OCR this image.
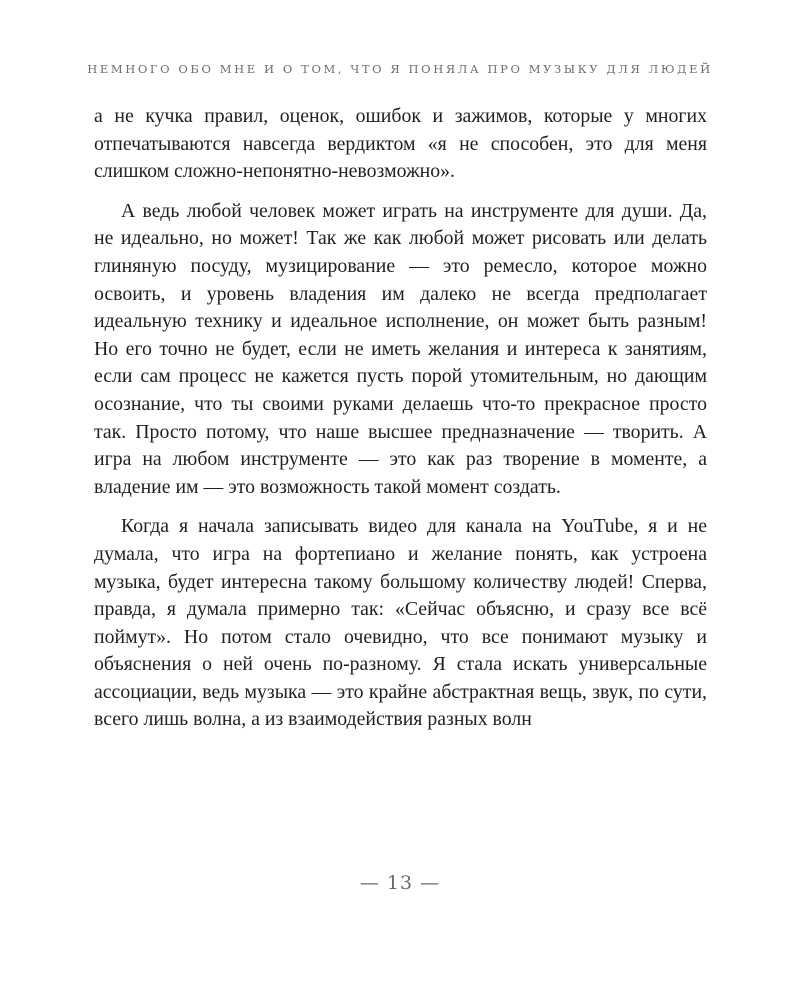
НЕМНОГО ОБО МНЕ И О ТОМ, ЧТО Я ПОНЯЛА ПРО МУЗЫКУ ДЛЯ ЛЮДЕЙ

а не кучка правил, оценок, ошибок и зажимов, которые у многих отпечатываются навсегда вердиктом «я не способен, это для меня слишком сложно-непонятно-невозможно».

А ведь любой человек может играть на инструменте для души. Да, не идеально, но может! Так же как любой может рисовать или делать глиняную посуду, музицирование — это ремесло, которое можно освоить, и уровень владения им далеко не всегда предполагает идеальную технику и идеальное исполнение, он может быть разным! Но его точно не будет, если не иметь желания и интереса к занятиям, если сам процесс не кажется пусть порой утомительным, но дающим осознание, что ты своими руками делаешь что-то прекрасное просто так. Просто потому, что наше высшее предназначение — творить. А игра на любом инструменте — это как раз творение в моменте, а владение им — это возможность такой момент создать.

Когда я начала записывать видео для канала на YouTube, я и не думала, что игра на фортепиано и желание понять, как устроена музыка, будет интересна такому большому количеству людей! Сперва, правда, я думала примерно так: «Сейчас объясню, и сразу все всё поймут». Но потом стало очевидно, что все понимают музыку и объяснения о ней очень по-разному. Я стала искать универсальные ассоциации, ведь музыка — это крайне абстрактная вещь, звук, по сути, всего лишь волна, а из взаимодействия разных волн

— 13 —
